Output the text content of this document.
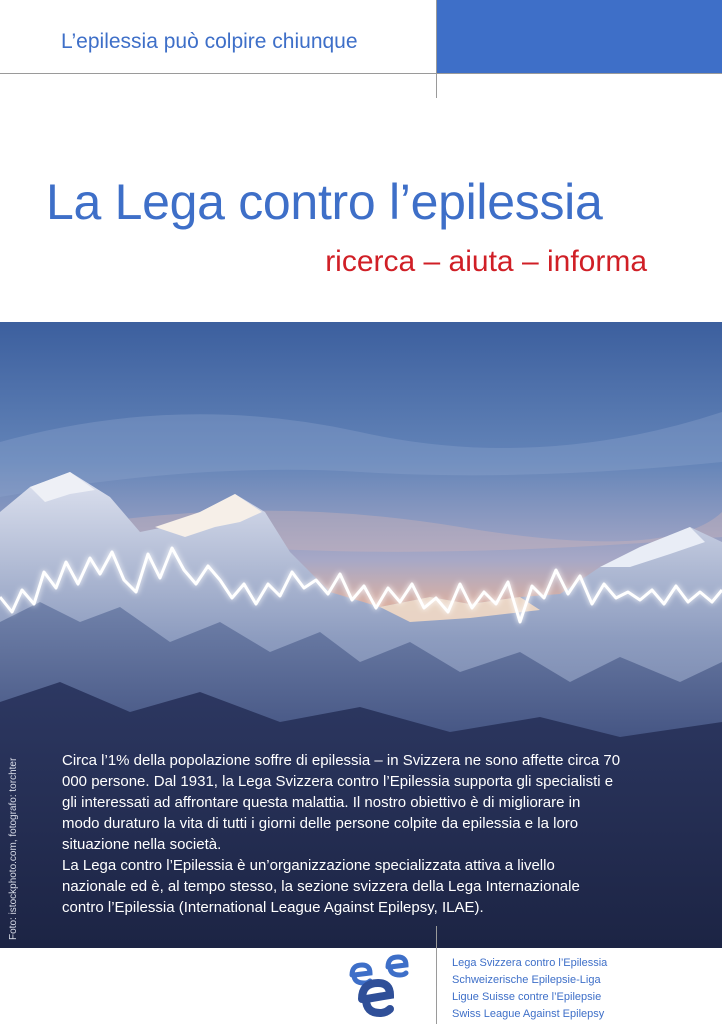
L’epilessia può colpire chiunque
La Lega contro l’epilessia
ricerca – aiuta – informa
Foto: istockphoto.com, fotografo: torchter	Circa l’1% della popolazione soffre di epilessia – in Svizzera ne sono affette circa 70 000 persone. Dal 1931, la Lega Svizzera contro l’Epilessia supporta gli specialisti e gli interessati ad affrontare questa malattia. Il nostro obiettivo è di migliorare in modo duraturo la vita di tutti i giorni delle persone colpite da epilessia e la loro situazione nella società.

La Lega contro l’Epilessia è un’organizzazione specializzata attiva a livello nazionale ed è, al tempo stesso, la sezione svizzera della Lega Internazionale contro l’Epilessia (International League Against Epilepsy, ILAE).

Lega Svizzera contro l’Epilessia
Schweizerische Epilepsie-Liga
Ligue Suisse contre l’Epilepsie
Swiss League Against Epilepsy
